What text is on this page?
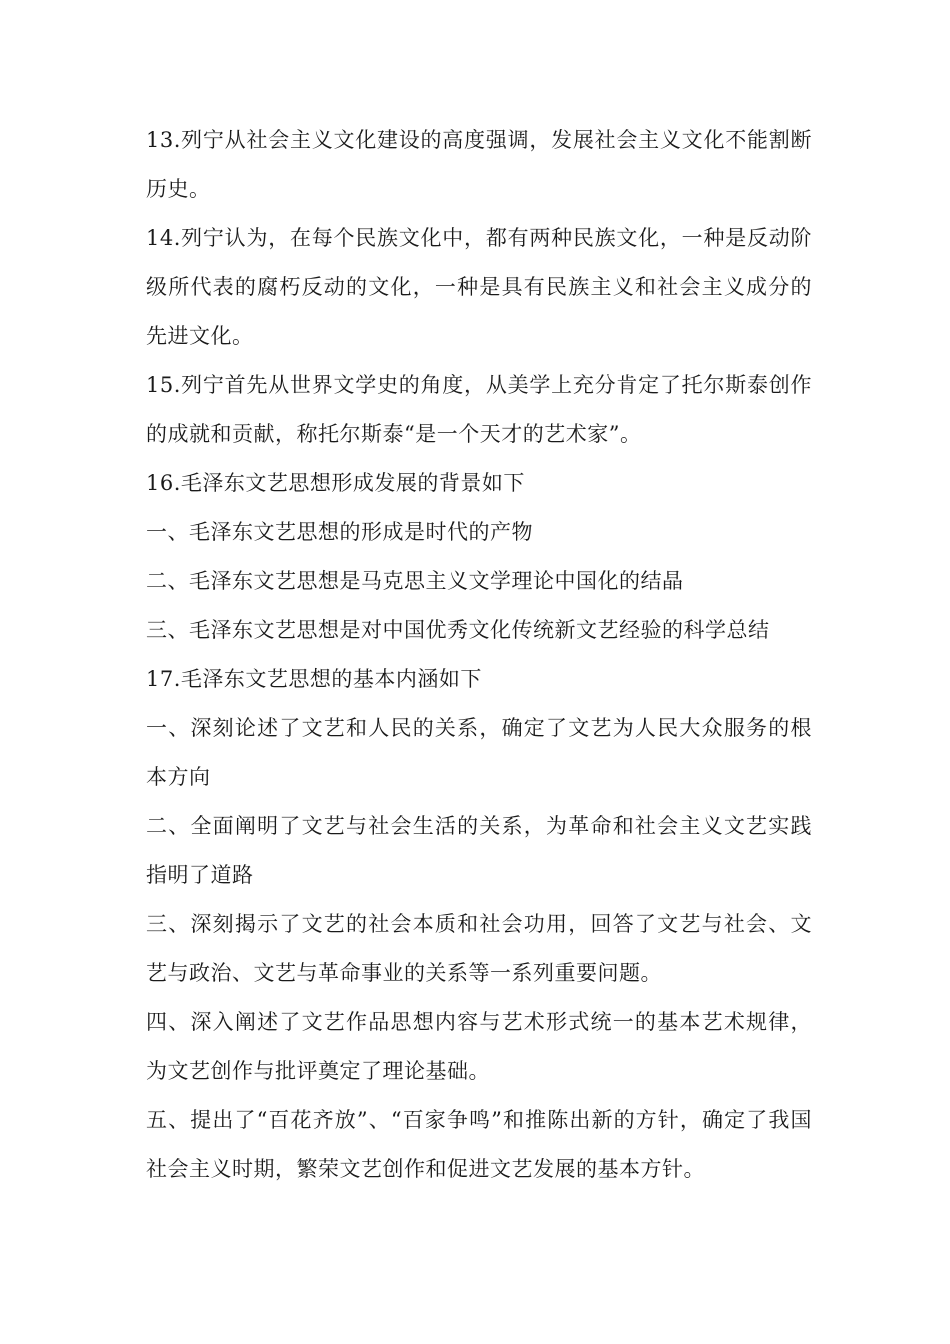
13.列宁从社会主义文化建设的高度强调，发展社会主义文化不能割断历史。

14.列宁认为，在每个民族文化中，都有两种民族文化，一种是反动阶级所代表的腐朽反动的文化，一种是具有民族主义和社会主义成分的先进文化。

15.列宁首先从世界文学史的角度，从美学上充分肯定了托尔斯泰创作的成就和贡献，称托尔斯泰“是一个天才的艺术家”。

16.毛泽东文艺思想形成发展的背景如下

一、毛泽东文艺思想的形成是时代的产物

二、毛泽东文艺思想是马克思主义文学理论中国化的结晶

三、毛泽东文艺思想是对中国优秀文化传统新文艺经验的科学总结

17.毛泽东文艺思想的基本内涵如下

一、深刻论述了文艺和人民的关系，确定了文艺为人民大众服务的根本方向

二、全面阐明了文艺与社会生活的关系，为革命和社会主义文艺实践指明了道路

三、深刻揭示了文艺的社会本质和社会功用，回答了文艺与社会、文艺与政治、文艺与革命事业的关系等一系列重要问题。

四、深入阐述了文艺作品思想内容与艺术形式统一的基本艺术规律，为文艺创作与批评奠定了理论基础。

五、提出了“百花齐放”、“百家争鸣”和推陈出新的方针，确定了我国社会主义时期，繁荣文艺创作和促进文艺发展的基本方针。
